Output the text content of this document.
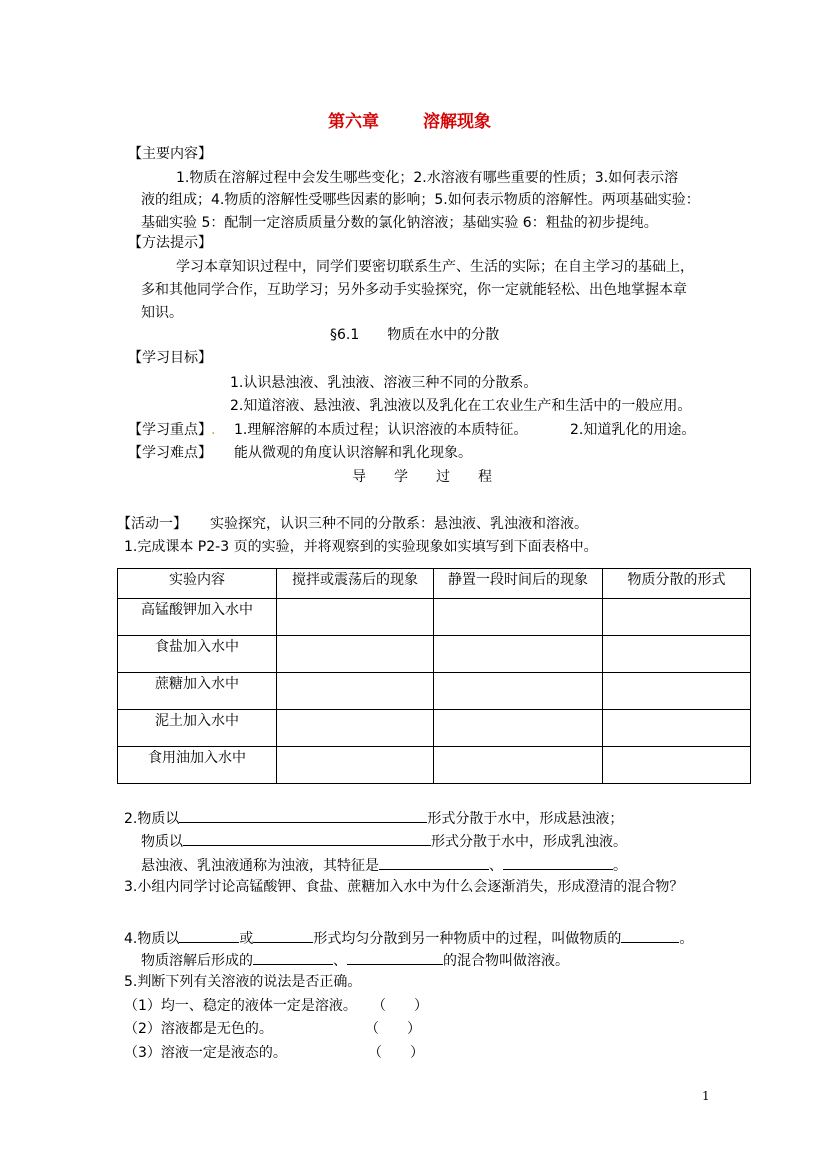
第六章	溶解现象
【主要内容】
1.物质在溶解过程中会发生哪些变化；2.水溶液有哪些重要的性质；3.如何表示溶
液的组成；4.物质的溶解性受哪些因素的影响；5.如何表示物质的溶解性。两项基础实验：
基础实验 5：配制一定溶质质量分数的氯化钠溶液；基础实验 6：粗盐的初步提纯。
【方法提示】
学习本章知识过程中，同学们要密切联系生产、生活的实际；在自主学习的基础上，
多和其他同学合作，互助学习；另外多动手实验探究，你一定就能轻松、出色地掌握本章
知识。
§6.1　　物质在水中的分散
【学习目标】
1.认识悬浊液、乳浊液、溶液三种不同的分散系。
2.知道溶液、悬浊液、乳浊液以及乳化在工农业生产和生活中的一般应用。
【学习重点】 . 1.理解溶解的本质过程；认识溶液的本质特征。	2.知道乳化的用途。
【学习难点】 能从微观的角度认识溶解和乳化现象。
导　　学　　过　　程
【活动一】 实验探究，认识三种不同的分散系：悬浊液、乳浊液和溶液。
1.完成课本 P2-3 页的实验，并将观察到的实验现象如实填写到下面表格中。
实验内容	搅拌或震荡后的现象	静置一段时间后的现象	物质分散的形式
高锰酸钾加入水中			
食盐加入水中			
蔗糖加入水中			
泥土加入水中			
食用油加入水中			
2.物质以	形式分散于水中，形成悬浊液；
物质以	形式分散于水中，形成乳浊液。
悬浊液、乳浊液通称为浊液，其特征是	、	。
3.小组内同学讨论高锰酸钾、食盐、蔗糖加入水中为什么会逐渐消失，形成澄清的混合物？
4.物质以	或	形式均匀分散到另一种物质中的过程，叫做物质的	。
物质溶解后形成的	、	的混合物叫做溶液。
5.判断下列有关溶液的说法是否正确。
（1）均一、稳定的液体一定是溶液。 （　　）
（2）溶液都是无色的。	（　　）
（3）溶液一定是液态的。	（　　）
1
